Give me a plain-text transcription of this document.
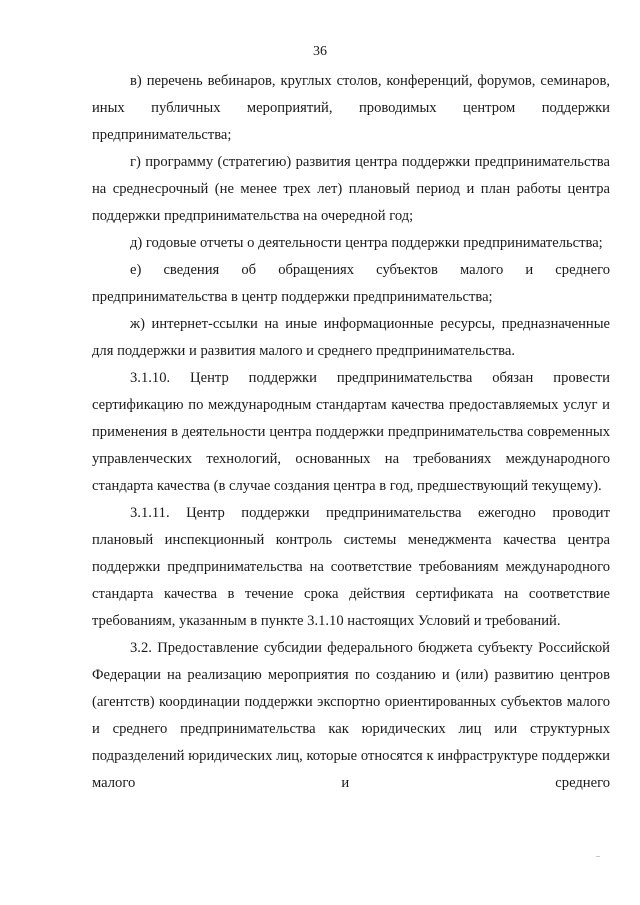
36

в) перечень вебинаров, круглых столов, конференций, форумов, семинаров, иных публичных мероприятий, проводимых центром поддержки предпринимательства;

г) программу (стратегию) развития центра поддержки предпринимательства на среднесрочный (не менее трех лет) плановый период и план работы центра поддержки предпринимательства на очередной год;

д) годовые отчеты о деятельности центра поддержки предпринимательства;

е) сведения об обращениях субъектов малого и среднего предпринимательства в центр поддержки предпринимательства;

ж) интернет-ссылки на иные информационные ресурсы, предназначенные для поддержки и развития малого и среднего предпринимательства.

3.1.10. Центр поддержки предпринимательства обязан провести сертификацию по международным стандартам качества предоставляемых услуг и применения в деятельности центра поддержки предпринимательства современных управленческих технологий, основанных на требованиях международного стандарта качества (в случае создания центра в год, предшествующий текущему).

3.1.11. Центр поддержки предпринимательства ежегодно проводит плановый инспекционный контроль системы менеджмента качества центра поддержки предпринимательства на соответствие требованиям международного стандарта качества в течение срока действия сертификата на соответствие требованиям, указанным в пункте 3.1.10 настоящих Условий и требований.

3.2. Предоставление субсидии федерального бюджета субъекту Российской Федерации на реализацию мероприятия по созданию и (или) развитию центров (агентств) координации поддержки экспортно ориентированных субъектов малого и среднего предпринимательства как юридических лиц или структурных подразделений юридических лиц, которые относятся к инфраструктуре поддержки малого и среднего
